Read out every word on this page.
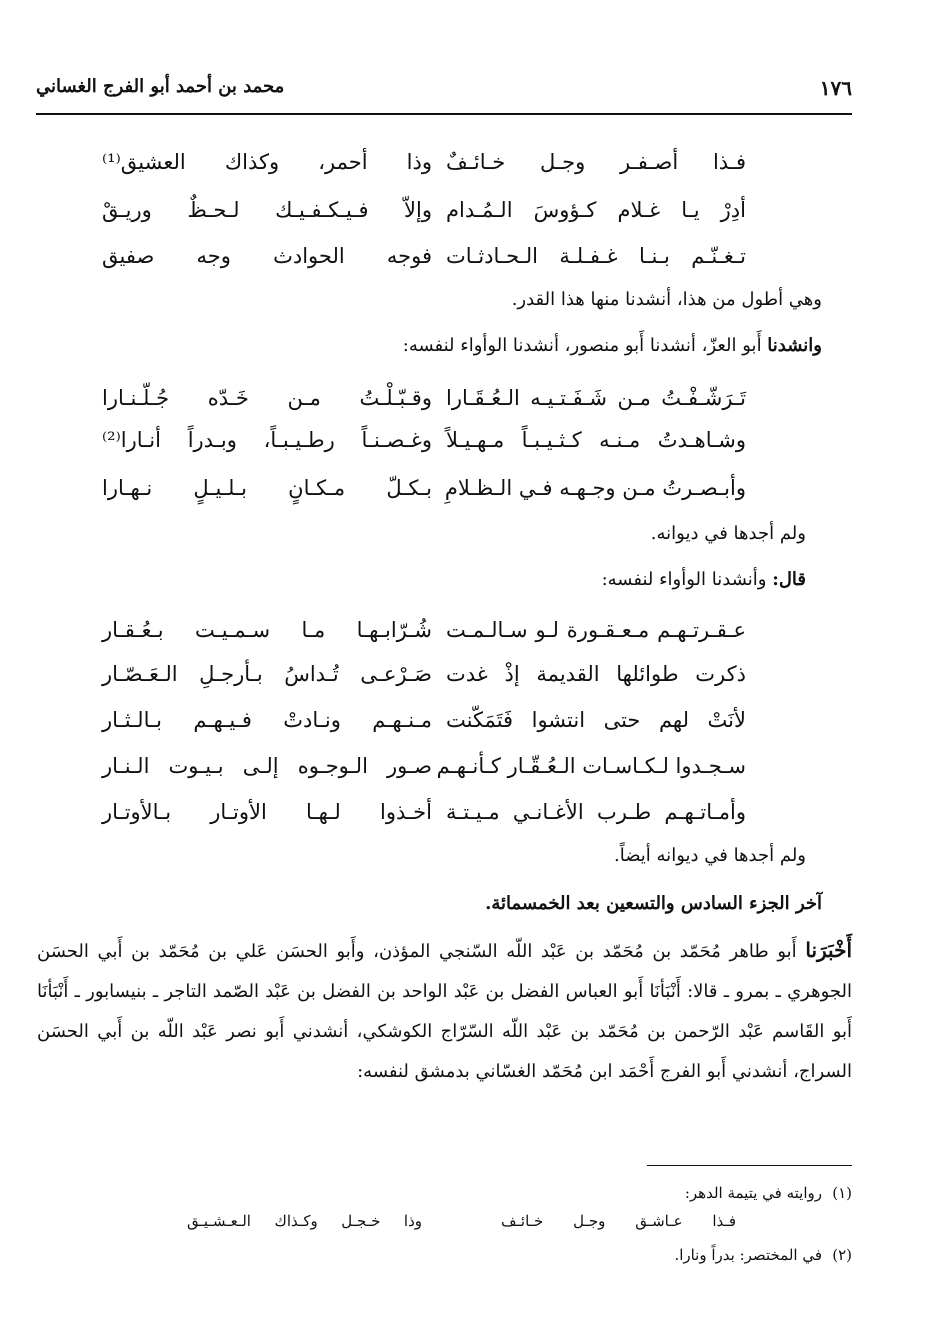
١٧٦
محمد بن أحمد أبو الفرج الغساني
فـذا أصـفـر وجـل خـائـفٌ
وذا أحمر، وكذاك العشيق⁽¹⁾
أدِرْ يـا غـلام كـؤوسَ الـمُـدام
وإلاّ فـيـكـفـيـك لـحـظٌ وريـقْ
تـغـنّـم بـنـا غـفـلـة الـحـادثـات
فوجه الحوادث وجه صفيق
وهي أطول من هذا، أنشدنا منها هذا القدر.
وانشدنا أَبو العزّ، أنشدنا أَبو منصور، أنشدنا الوأواء لنفسه:
تَـرَشّـفْـتُ مـن شَـفَـتـيـه الـعُـقَـارا
وقـبّـلْـتُ مـن خَـدّه جُـلّـنـارا
وشـاهـدتُ مـنـه كـثـيـبـاً مـهـيـلاً
وغـصـنـاً رطـيـبـاً، وبـدراً أنـارا⁽²⁾
وأبـصـرتُ مـن وجـهـه فـي الـظـلامِ
بـكـلّ مـكـانٍ بـلـيـلٍ نـهـارا
ولم أجدها في ديوانه.
قال: وأنشدنا الوأواء لنفسه:
عـقـرتـهـم مـعـقـورة لـو سـالـمـت
شُـرّابـهـا مـا سـمـيـت بـعُـقـار
ذكرت طوائلها القديمة إذْ غدت
صَـرْعـى تُـداسُ بـأرجـلِ الـعَـصّـار
لأنَتْ لهم حتى انتشوا فَتَمَكّنت
مـنـهـم ونـادتْ فـيـهـم بـالـثـار
سـجـدوا لـكـاسـات الـعُـقّـار كـأنـهـم
صـور الـوجـوه إلـى بـيـوت الـنـار
وأمـاتـهـم طـرب الأغـانـي مـيـتـة
أخـذوا لـهـا الأوتـار بـالأوتـار
ولم أجدها في ديوانه أيضاً.
آخر الجزء السادس والتسعين بعد الخمسمائة.
أَخْبَرَنا أَبو طاهر مُحَمّد بن مُحَمّد بن عَبْد اللّه السّنجي المؤذن، وأَبو الحسَن عَلي بن مُحَمّد بن أَبي الحسَن الجوهري ـ بمرو ـ قالا: أَنْبَأنَا أَبو العباس الفضل بن عَبْد الواحد بن الفضل بن عَبْد الصّمد التاجر ـ بنيسابور ـ أَنْبَأنَا أَبو القَاسم عَبْد الرّحمن بن مُحَمّد بن عَبْد اللّه السّرّاج الكوشكي، أنشدني أَبو نصر عَبْد اللّه بن أَبي الحسَن السراج، أنشدني أَبو الفرج أَحْمَد ابن مُحَمّد الغسّاني بدمشق لنفسه:
(١)روايته في يتيمة الدهر:
فـذا عـاشـق وجـل خـائـف
وذا خـجـل وكـذاك الـعـشـيـق
(٢)في المختصر: بدراً ونارا.
